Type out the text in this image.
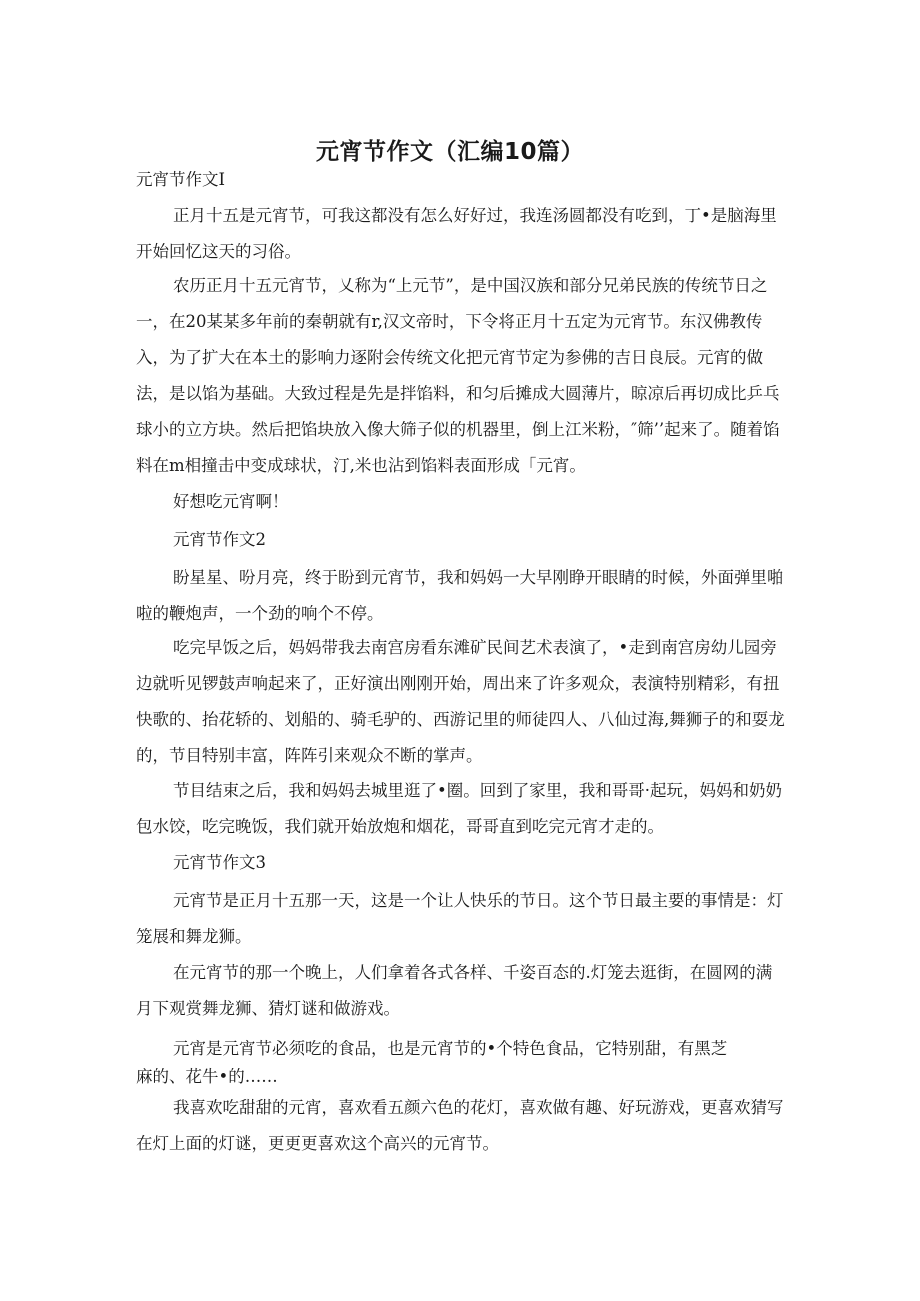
元宵节作文（汇编10篇）

元宵节作文I

正月十五是元宵节，可我这都没有怎么好好过，我连汤圆都没有吃到，丁•是脑海里开始回忆这天的习俗。

农历正月十五元宵节，乂称为“上元节”，是中国汉族和部分兄弟民族的传统节日之一，在20某某多年前的秦朝就有r,汉文帝时，下令将正月十五定为元宵节。东汉佛教传入，为了扩大在本土的影响力逐附会传统文化把元宵节定为参佛的吉日良辰。元宵的做法，是以馅为基础。大致过程是先是拌馅料，和匀后摊成大圆薄片，晾凉后再切成比乒乓球小的立方块。然后把馅块放入像大筛子似的机器里，倒上江米粉，″筛’’起来了。随着馅料在m相撞击中变成球状，汀,米也沾到馅料表面形成「元宵。

好想吃元宵啊！

元宵节作文2

盼星星、吩月亮，终于盼到元宵节，我和妈妈一大早刚睁开眼睛的时候，外面弹里啪啦的鞭炮声，一个劲的响个不停。

吃完早饭之后，妈妈带我去南宫房看东滩矿民间艺术表演了，•走到南宫房幼儿园旁边就听见锣鼓声响起来了，正好演出刚刚开始，周出来了许多观众，表演特别精彩，有扭快歌的、抬花轿的、划船的、骑毛驴的、西游记里的师徒四人、八仙过海,舞狮子的和耍龙的，节目特别丰富，阵阵引来观众不断的掌声。

节目结束之后，我和妈妈去城里逛了•圈。回到了家里，我和哥哥·起玩，妈妈和奶奶包水饺，吃完晚饭，我们就开始放炮和烟花，哥哥直到吃完元宵才走的。

元宵节作文3

元宵节是正月十五那一天，这是一个让人快乐的节日。这个节日最主要的事情是：灯笼展和舞龙狮。

在元宵节的那一个晚上，人们拿着各式各样、千姿百态的.灯笼去逛街，在圆网的满月下观赏舞龙狮、猜灯谜和做游戏。

元宵是元宵节必须吃的食品，也是元宵节的•个特色食品，它特别甜，有黑芝麻的、花牛•的……

我喜欢吃甜甜的元宵，喜欢看五颜六色的花灯，喜欢做有趣、好玩游戏，更喜欢猜写在灯上面的灯谜，更更更喜欢这个高兴的元宵节。
